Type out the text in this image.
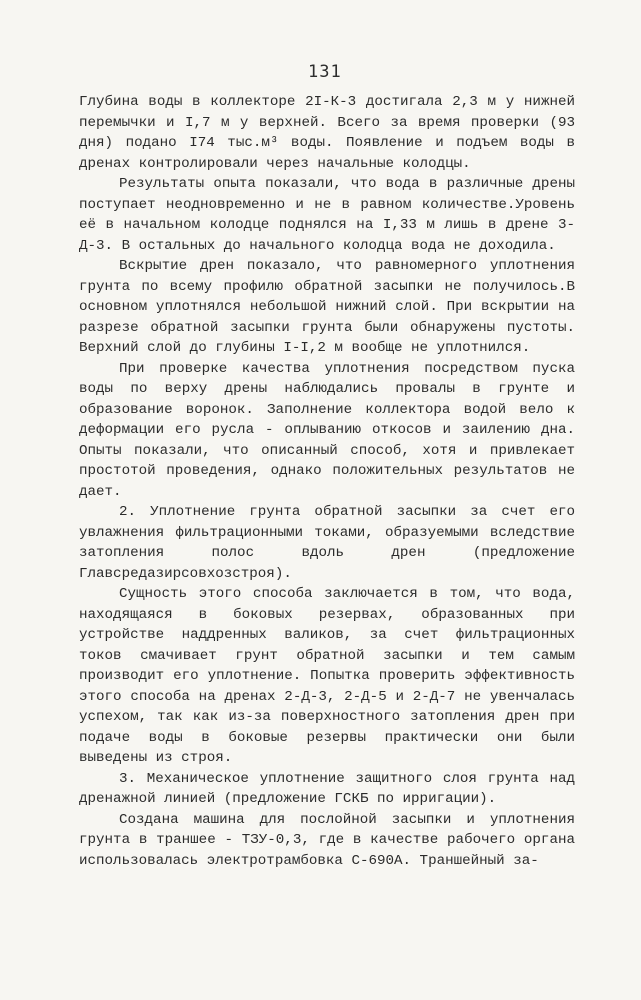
131

Глубина воды в коллекторе 2I-К-3 достигала 2,3 м у нижней перемычки и I,7 м у верхней. Всего за время проверки (93 дня) подано I74 тыс.м³ воды. Появление и подъем воды в дренах контролировали через начальные колодцы.

Результаты опыта показали, что вода в различные дрены поступает неодновременно и не в равном количестве.Уровень её в начальном колодце поднялся на I,33 м лишь в дрене 3-Д-3. В остальных до начального колодца вода не доходила.

Вскрытие дрен показало, что равномерного уплотнения грунта по всему профилю обратной засыпки не получилось.В основном уплотнялся небольшой нижний слой. При вскрытии на разрезе обратной засыпки грунта были обнаружены пустоты. Верхний слой до глубины I-I,2 м вообще не уплотнился.

При проверке качества уплотнения посредством пуска воды по верху дрены наблюдались провалы в грунте и образование воронок. Заполнение коллектора водой вело к деформации его русла - оплыванию откосов и заилению дна. Опыты показали, что описанный способ, хотя и привлекает простотой проведения, однако положительных результатов не дает.

2. Уплотнение грунта обратной засыпки за счет его увлажнения фильтрационными токами, образуемыми вследствие затопления полос вдоль дрен (предложение Главсредазирсовхозстроя).

Сущность этого способа заключается в том, что вода, находящаяся в боковых резервах, образованных при устройстве наддренных валиков, за счет фильтрационных токов смачивает грунт обратной засыпки и тем самым производит его уплотнение. Попытка проверить эффективность этого способа на дренах 2-Д-3, 2-Д-5 и 2-Д-7 не увенчалась успехом, так как из-за поверхностного затопления дрен при подаче воды в боковые резервы практически они были выведены из строя.

3. Механическое уплотнение защитного слоя грунта над дренажной линией (предложение ГСКБ по ирригации).

Создана машина для послойной засыпки и уплотнения грунта в траншее - ТЗУ-0,3, где в качестве рабочего органа использовалась электротрамбовка С-690А. Траншейный за-
